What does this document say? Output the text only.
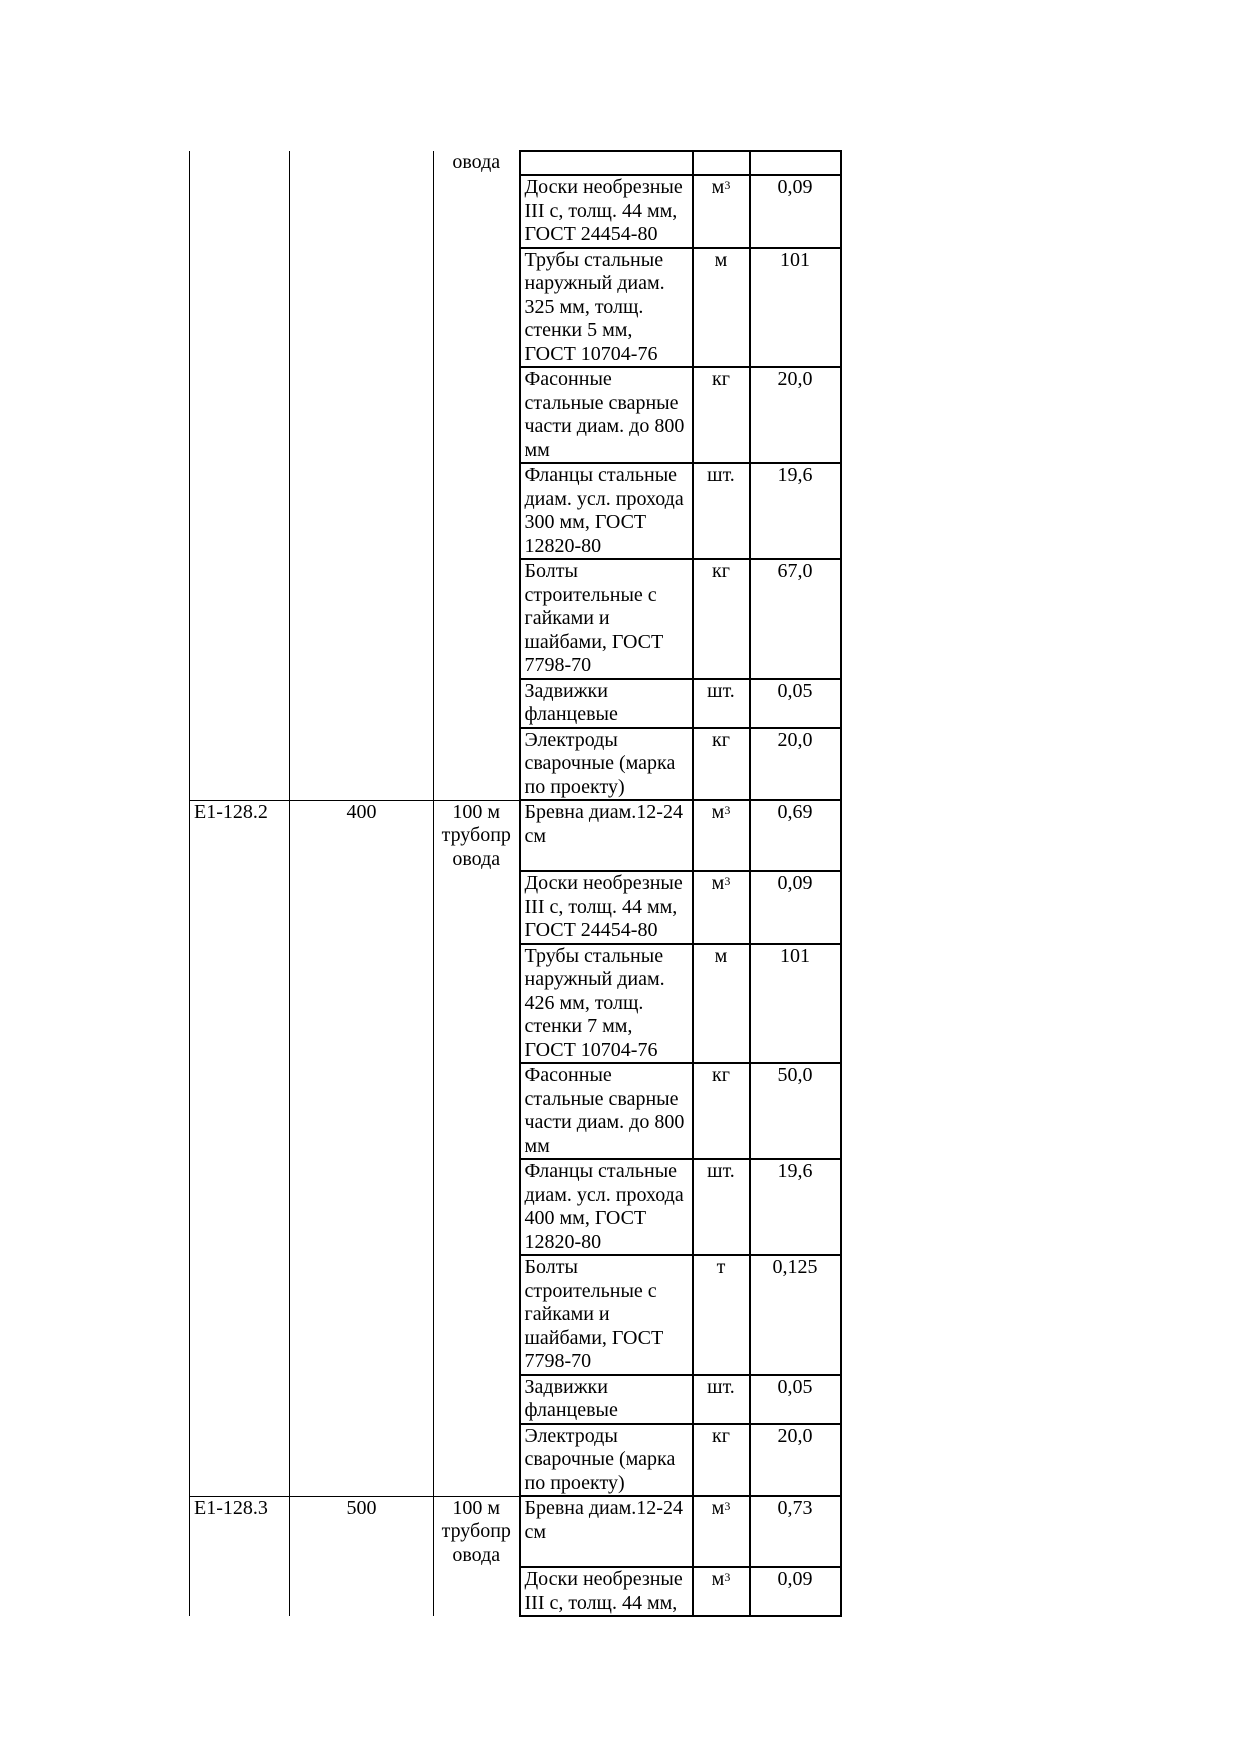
		овода			
			Доски необрезные III с, толщ. 44 мм, ГОСТ 24454-80	$м^3$	0,09
			Трубы стальные наружный диам. 325 мм, толщ. стенки 5 мм, ГОСТ 10704-76	м	101
			Фасонные стальные сварные части диам. до 800 мм	кг	20,0
			Фланцы стальные диам. усл. прохода 300 мм, ГОСТ 12820-80	шт.	19,6
			Болты строительные с гайками и шайбами, ГОСТ 7798-70	кг	67,0
			Задвижки фланцевые	шт.	0,05
			Электроды сварочные (марка по проекту)	кг	20,0
Е1-128.2	400	100 м трубопр овода	Бревна диам.12-24 см	$м^3$	0,69
			Доски необрезные III с, толщ. 44 мм, ГОСТ 24454-80	$м^3$	0,09
			Трубы стальные наружный диам. 426 мм, толщ. стенки 7 мм, ГОСТ 10704-76	м	101
			Фасонные стальные сварные части диам. до 800 мм	кг	50,0
			Фланцы стальные диам. усл. прохода 400 мм, ГОСТ 12820-80	шт.	19,6
			Болты строительные с гайками и шайбами, ГОСТ 7798-70	т	0,125
			Задвижки фланцевые	шт.	0,05
			Электроды сварочные (марка по проекту)	кг	20,0
Е1-128.3	500	100 м трубопр овода	Бревна диам.12-24 см	$м^3$	0,73
			Доски необрезные III с, толщ. 44 мм,	$м^3$	0,09
